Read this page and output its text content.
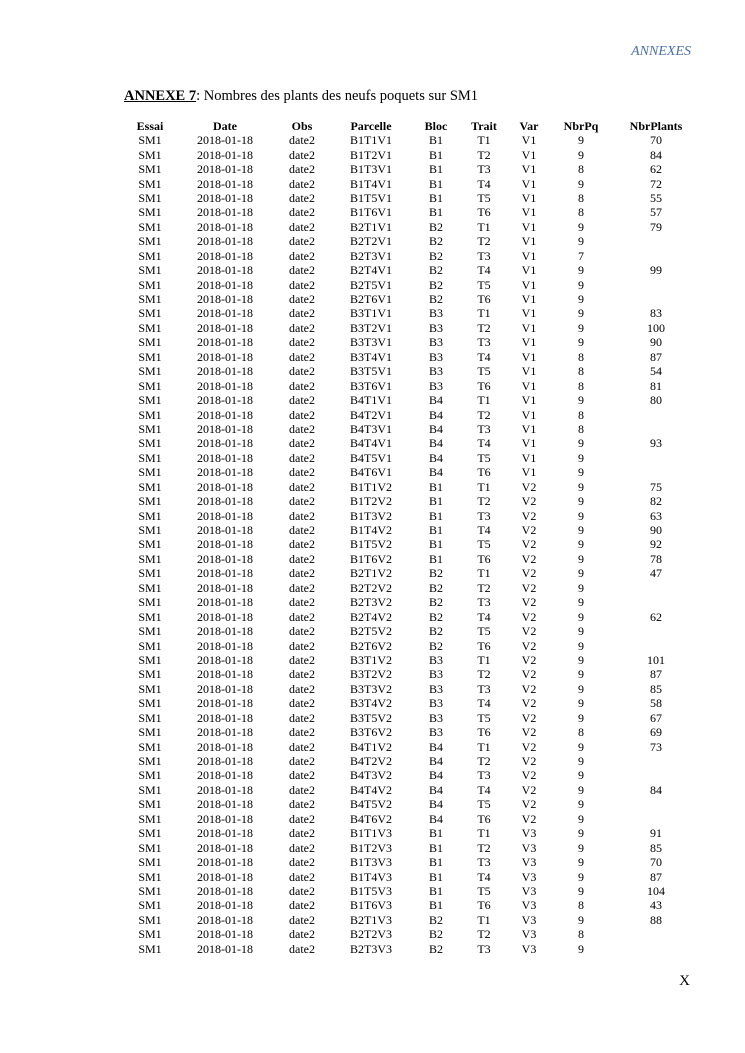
ANNEXES
ANNEXE 7: Nombres des plants des neufs poquets sur SM1
Essai	Date	Obs	Parcelle	Bloc	Trait	Var	NbrPq	NbrPlants
SM1	2018-01-18	date2	B1T1V1	B1	T1	V1	9	70
SM1	2018-01-18	date2	B1T2V1	B1	T2	V1	9	84
SM1	2018-01-18	date2	B1T3V1	B1	T3	V1	8	62
SM1	2018-01-18	date2	B1T4V1	B1	T4	V1	9	72
SM1	2018-01-18	date2	B1T5V1	B1	T5	V1	8	55
SM1	2018-01-18	date2	B1T6V1	B1	T6	V1	8	57
SM1	2018-01-18	date2	B2T1V1	B2	T1	V1	9	79
SM1	2018-01-18	date2	B2T2V1	B2	T2	V1	9	
SM1	2018-01-18	date2	B2T3V1	B2	T3	V1	7	
SM1	2018-01-18	date2	B2T4V1	B2	T4	V1	9	99
SM1	2018-01-18	date2	B2T5V1	B2	T5	V1	9	
SM1	2018-01-18	date2	B2T6V1	B2	T6	V1	9	
SM1	2018-01-18	date2	B3T1V1	B3	T1	V1	9	83
SM1	2018-01-18	date2	B3T2V1	B3	T2	V1	9	100
SM1	2018-01-18	date2	B3T3V1	B3	T3	V1	9	90
SM1	2018-01-18	date2	B3T4V1	B3	T4	V1	8	87
SM1	2018-01-18	date2	B3T5V1	B3	T5	V1	8	54
SM1	2018-01-18	date2	B3T6V1	B3	T6	V1	8	81
SM1	2018-01-18	date2	B4T1V1	B4	T1	V1	9	80
SM1	2018-01-18	date2	B4T2V1	B4	T2	V1	8	
SM1	2018-01-18	date2	B4T3V1	B4	T3	V1	8	
SM1	2018-01-18	date2	B4T4V1	B4	T4	V1	9	93
SM1	2018-01-18	date2	B4T5V1	B4	T5	V1	9	
SM1	2018-01-18	date2	B4T6V1	B4	T6	V1	9	
SM1	2018-01-18	date2	B1T1V2	B1	T1	V2	9	75
SM1	2018-01-18	date2	B1T2V2	B1	T2	V2	9	82
SM1	2018-01-18	date2	B1T3V2	B1	T3	V2	9	63
SM1	2018-01-18	date2	B1T4V2	B1	T4	V2	9	90
SM1	2018-01-18	date2	B1T5V2	B1	T5	V2	9	92
SM1	2018-01-18	date2	B1T6V2	B1	T6	V2	9	78
SM1	2018-01-18	date2	B2T1V2	B2	T1	V2	9	47
SM1	2018-01-18	date2	B2T2V2	B2	T2	V2	9	
SM1	2018-01-18	date2	B2T3V2	B2	T3	V2	9	
SM1	2018-01-18	date2	B2T4V2	B2	T4	V2	9	62
SM1	2018-01-18	date2	B2T5V2	B2	T5	V2	9	
SM1	2018-01-18	date2	B2T6V2	B2	T6	V2	9	
SM1	2018-01-18	date2	B3T1V2	B3	T1	V2	9	101
SM1	2018-01-18	date2	B3T2V2	B3	T2	V2	9	87
SM1	2018-01-18	date2	B3T3V2	B3	T3	V2	9	85
SM1	2018-01-18	date2	B3T4V2	B3	T4	V2	9	58
SM1	2018-01-18	date2	B3T5V2	B3	T5	V2	9	67
SM1	2018-01-18	date2	B3T6V2	B3	T6	V2	8	69
SM1	2018-01-18	date2	B4T1V2	B4	T1	V2	9	73
SM1	2018-01-18	date2	B4T2V2	B4	T2	V2	9	
SM1	2018-01-18	date2	B4T3V2	B4	T3	V2	9	
SM1	2018-01-18	date2	B4T4V2	B4	T4	V2	9	84
SM1	2018-01-18	date2	B4T5V2	B4	T5	V2	9	
SM1	2018-01-18	date2	B4T6V2	B4	T6	V2	9	
SM1	2018-01-18	date2	B1T1V3	B1	T1	V3	9	91
SM1	2018-01-18	date2	B1T2V3	B1	T2	V3	9	85
SM1	2018-01-18	date2	B1T3V3	B1	T3	V3	9	70
SM1	2018-01-18	date2	B1T4V3	B1	T4	V3	9	87
SM1	2018-01-18	date2	B1T5V3	B1	T5	V3	9	104
SM1	2018-01-18	date2	B1T6V3	B1	T6	V3	8	43
SM1	2018-01-18	date2	B2T1V3	B2	T1	V3	9	88
SM1	2018-01-18	date2	B2T2V3	B2	T2	V3	8	
SM1	2018-01-18	date2	B2T3V3	B2	T3	V3	9	
X
